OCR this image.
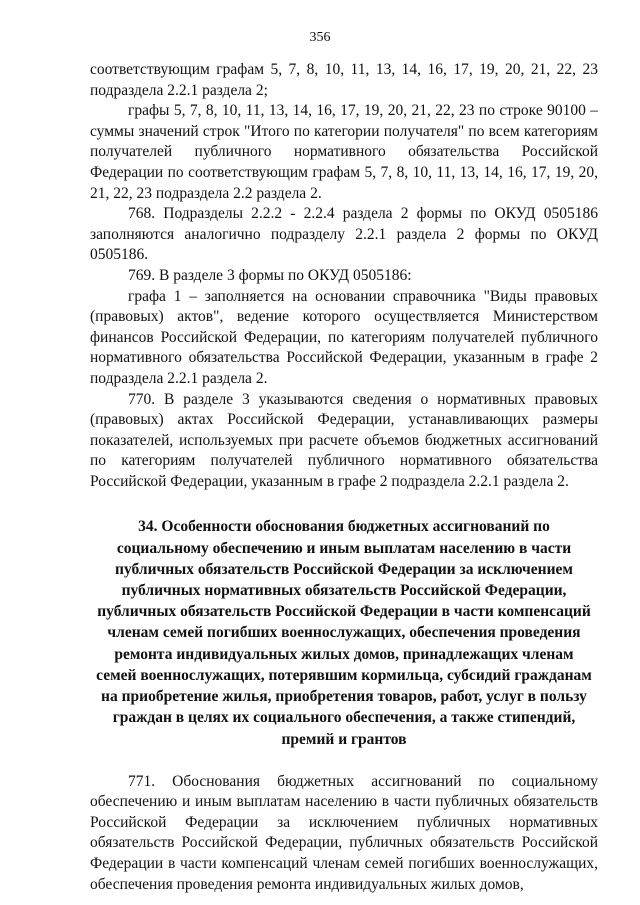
356

соответствующим графам 5, 7, 8, 10, 11, 13, 14, 16, 17, 19, 20, 21, 22, 23 подраздела 2.2.1 раздела 2;

графы 5, 7, 8, 10, 11, 13, 14, 16, 17, 19, 20, 21, 22, 23 по строке 90100 – суммы значений строк "Итого по категории получателя" по всем категориям получателей публичного нормативного обязательства Российской Федерации по соответствующим графам 5, 7, 8, 10, 11, 13, 14, 16, 17, 19, 20, 21, 22, 23 подраздела 2.2 раздела 2.

768. Подразделы 2.2.2 - 2.2.4 раздела 2 формы по ОКУД 0505186 заполняются аналогично подразделу 2.2.1 раздела 2 формы по ОКУД 0505186.

769. В разделе 3 формы по ОКУД 0505186:

графа 1 – заполняется на основании справочника "Виды правовых (правовых) актов", ведение которого осуществляется Министерством финансов Российской Федерации, по категориям получателей публичного нормативного обязательства Российской Федерации, указанным в графе 2 подраздела 2.2.1 раздела 2.

770. В разделе 3 указываются сведения о нормативных правовых (правовых) актах Российской Федерации, устанавливающих размеры показателей, используемых при расчете объемов бюджетных ассигнований по категориям получателей публичного нормативного обязательства Российской Федерации, указанным в графе 2 подраздела 2.2.1 раздела 2.

34. Особенности обоснования бюджетных ассигнований по социальному обеспечению и иным выплатам населению в части публичных обязательств Российской Федерации за исключением публичных нормативных обязательств Российской Федерации, публичных обязательств Российской Федерации в части компенсаций членам семей погибших военнослужащих, обеспечения проведения ремонта индивидуальных жилых домов, принадлежащих членам семей военнослужащих, потерявшим кормильца, субсидий гражданам на приобретение жилья, приобретения товаров, работ, услуг в пользу граждан в целях их социального обеспечения, а также стипендий, премий и грантов

771. Обоснования бюджетных ассигнований по социальному обеспечению и иным выплатам населению в части публичных обязательств Российской Федерации за исключением публичных нормативных обязательств Российской Федерации, публичных обязательств Российской Федерации в части компенсаций членам семей погибших военнослужащих, обеспечения проведения ремонта индивидуальных жилых домов,
